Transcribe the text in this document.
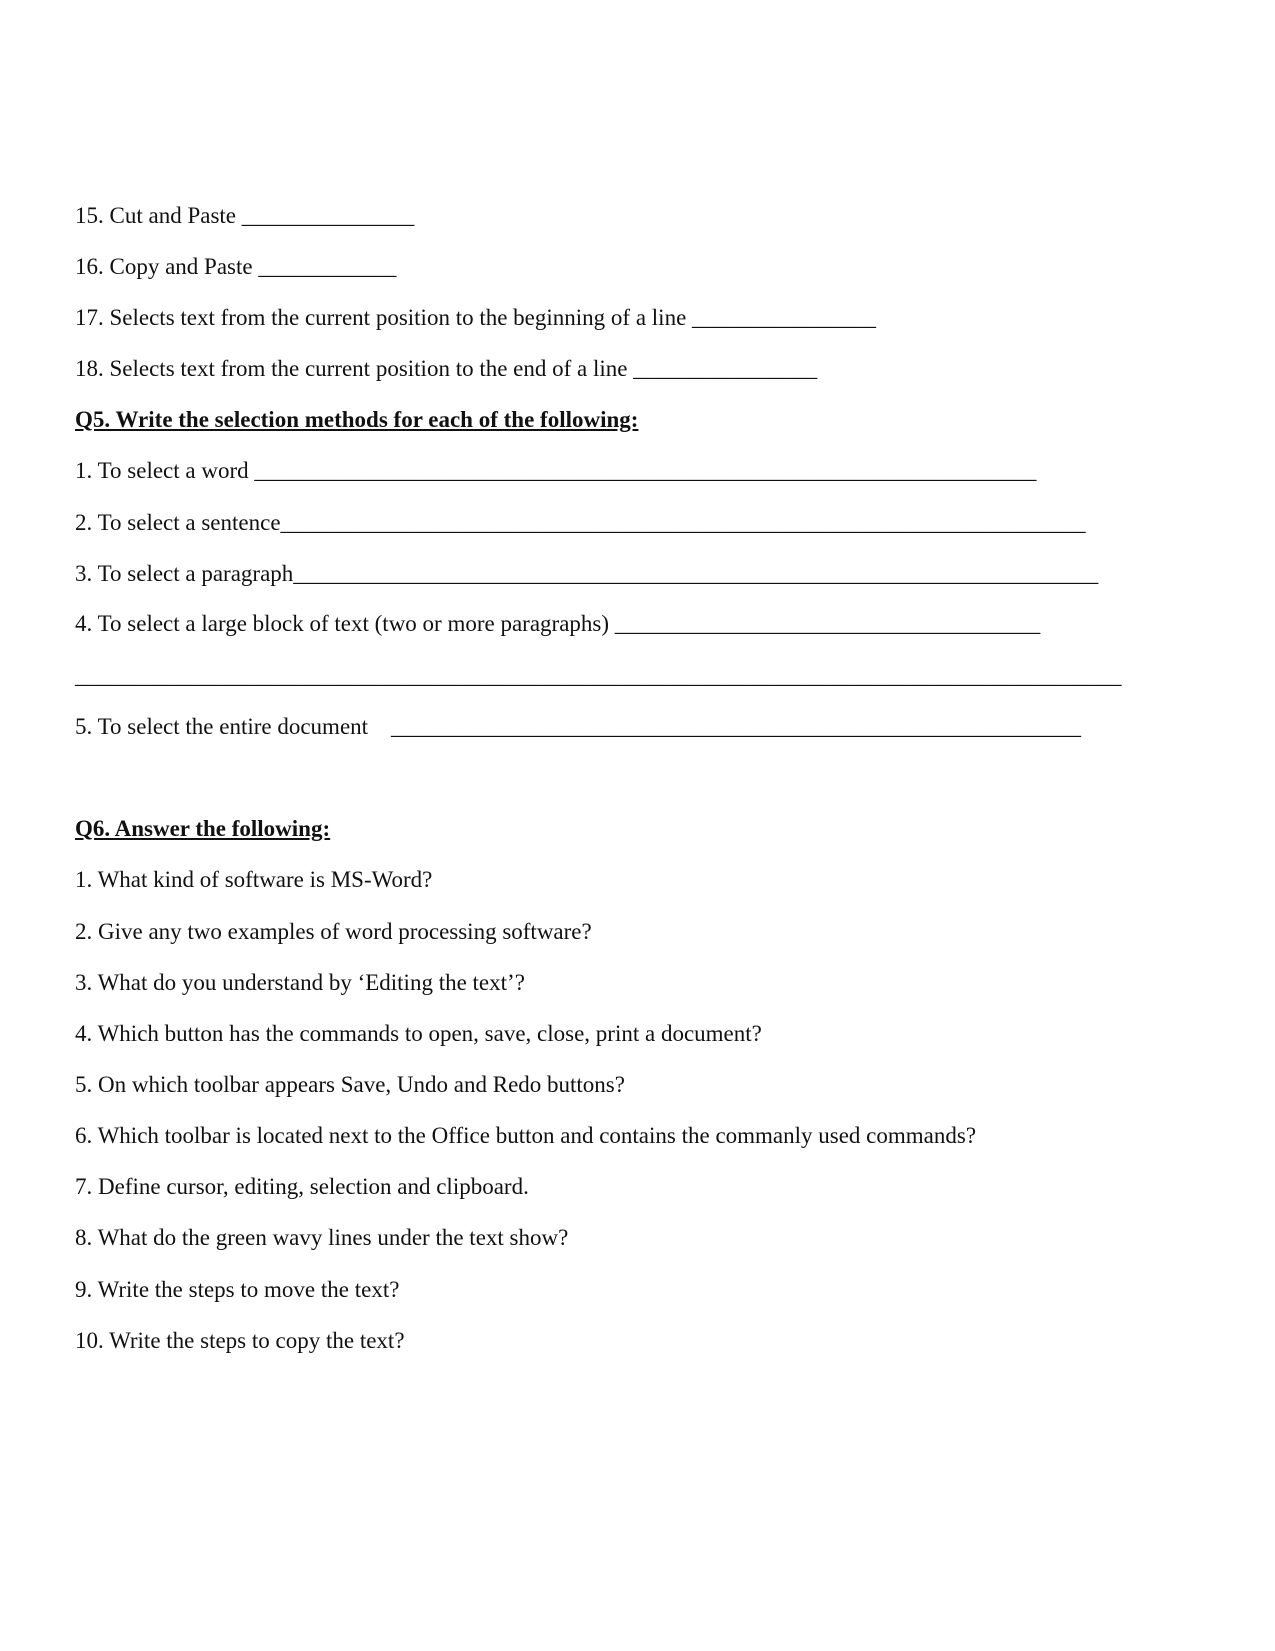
15. Cut and Paste _______________
16. Copy and Paste ____________
17. Selects text from the current position to the beginning of a line ________________
18. Selects text from the current position to the end of a line ________________
Q5. Write the selection methods for each of the following:
1. To select a word ____________________________________________________________________
2. To select a sentence______________________________________________________________________
3. To select a paragraph______________________________________________________________________
4. To select a large block of text (two or more paragraphs) _____________________________________
___________________________________________________________________________________________
5. To select the entire document ____________________________________________________________
Q6. Answer the following:
1. What kind of software is MS-Word?
2. Give any two examples of word processing software?
3. What do you understand by ‘Editing the text’?
4. Which button has the commands to open, save, close, print a document?
5. On which toolbar appears Save, Undo and Redo buttons?
6. Which toolbar is located next to the Office button and contains the commanly used commands?
7. Define cursor, editing, selection and clipboard.
8. What do the green wavy lines under the text show?
9. Write the steps to move the text?
10. Write the steps to copy the text?
